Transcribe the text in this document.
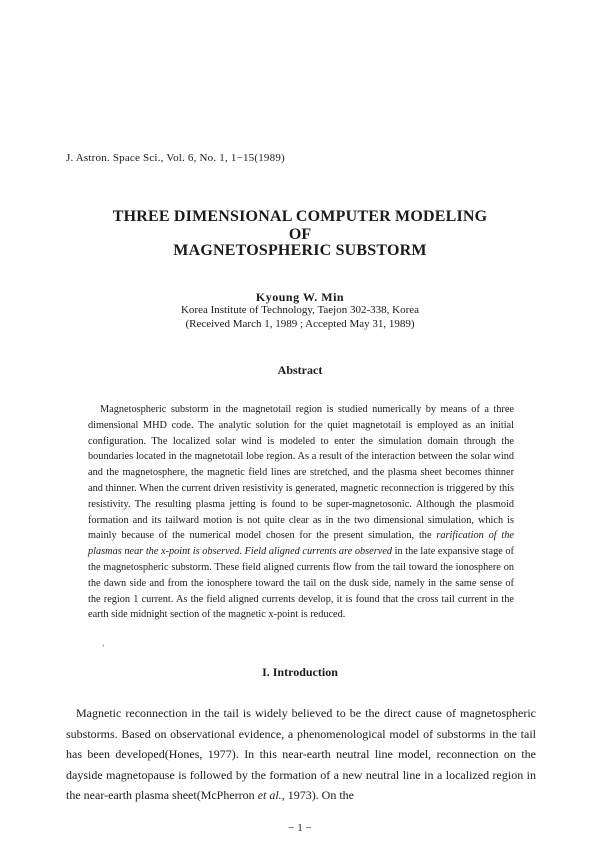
J. Astron. Space Sci., Vol. 6, No. 1, 1−15(1989)
THREE DIMENSIONAL COMPUTER MODELING
OF
MAGNETOSPHERIC SUBSTORM
Kyoung W. Min
Korea Institute of Technology, Taejon 302-338, Korea
(Received March 1, 1989 ; Accepted May 31, 1989)
Abstract
Magnetospheric substorm in the magnetotail region is studied numerically by means of a three dimensional MHD code. The analytic solution for the quiet magnetotail is employed as an initial configuration. The localized solar wind is modeled to enter the simulation domain through the boundaries located in the magnetotail lobe region. As a result of the interaction between the solar wind and the magnetosphere, the magnetic field lines are stretched, and the plasma sheet becomes thinner and thinner. When the current driven resistivity is generated, magnetic reconnection is triggered by this resistivity. The resulting plasma jetting is found to be super-magnetosonic. Although the plasmoid formation and its tailward motion is not quite clear as in the two dimensional simulation, which is mainly because of the numerical model chosen for the present simulation, the rarification of the plasmas near the x-point is observed. Field aligned currents are observed in the late expansive stage of the magnetospheric substorm. These field aligned currents flow from the tail toward the ionosphere on the dawn side and from the ionosphere toward the tail on the dusk side, namely in the same sense of the region 1 current. As the field aligned currents develop, it is found that the cross tail current in the earth side midnight section of the magnetic x-point is reduced.
‘
I. Introduction
Magnetic reconnection in the tail is widely believed to be the direct cause of magnetospheric substorms. Based on observational evidence, a phenomenological model of substorms in the tail has been developed(Hones, 1977). In this near-earth neutral line model, reconnection on the dayside magnetopause is followed by the formation of a new neutral line in a localized region in the near-earth plasma sheet(McPherron et al., 1973). On the
− 1 −
